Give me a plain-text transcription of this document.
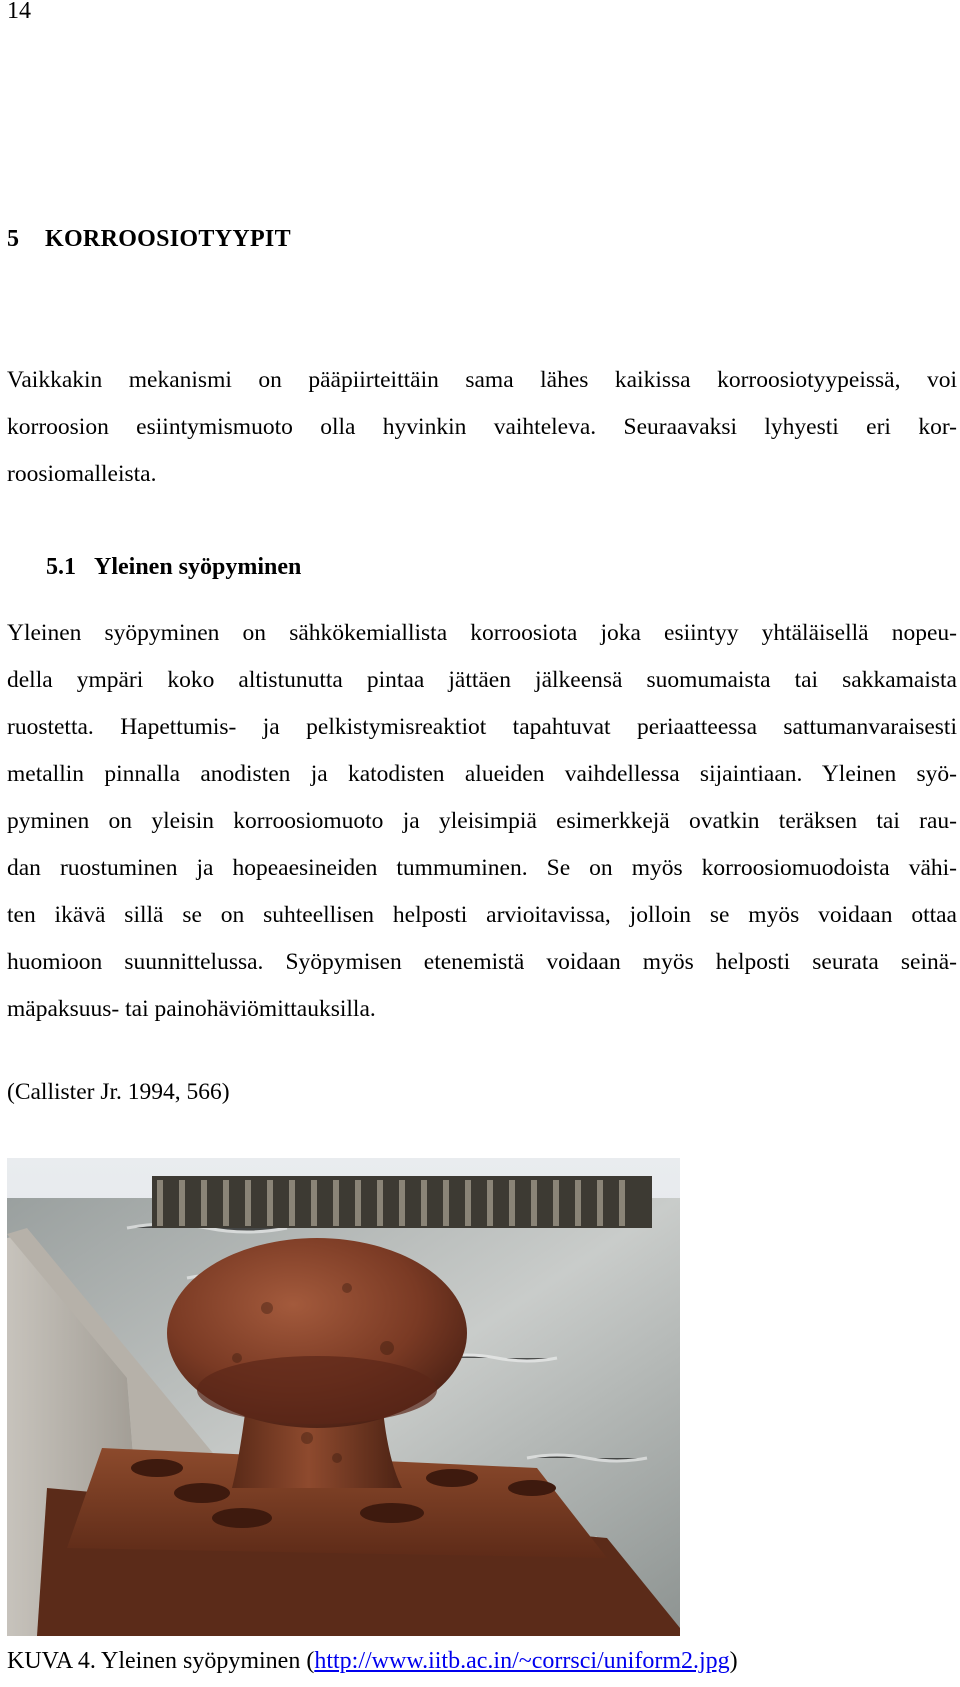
14
5 KORROOSIOTYYPIT
Vaikkakin mekanismi on pääpiirteittäin sama lähes kaikissa korroosiotyypeissä, voi
korroosion esiintymismuoto olla hyvinkin vaihteleva. Seuraavaksi lyhyesti eri kor-
roosiomalleista.
5.1 Yleinen syöpyminen
Yleinen syöpyminen on sähkökemiallista korroosiota joka esiintyy yhtäläisellä nopeu-
della ympäri koko altistunutta pintaa jättäen jälkeensä suomumaista tai sakkamaista
ruostetta. Hapettumis- ja pelkistymisreaktiot tapahtuvat periaatteessa sattumanvaraisesti
metallin pinnalla anodisten ja katodisten alueiden vaihdellessa sijaintiaan. Yleinen syö-
pyminen on yleisin korroosiomuoto ja yleisimpiä esimerkkejä ovatkin teräksen tai rau-
dan ruostuminen ja hopeaesineiden tummuminen. Se on myös korroosiomuodoista vähi-
ten ikävä sillä se on suhteellisen helposti arvioitavissa, jolloin se myös voidaan ottaa
huomioon suunnittelussa. Syöpymisen etenemistä voidaan myös helposti seurata seinä-
mäpaksuus- tai painohäviömittauksilla.
(Callister Jr. 1994, 566)
KUVA 4. Yleinen syöpyminen (http://www.iitb.ac.in/~corrsci/uniform2.jpg)
